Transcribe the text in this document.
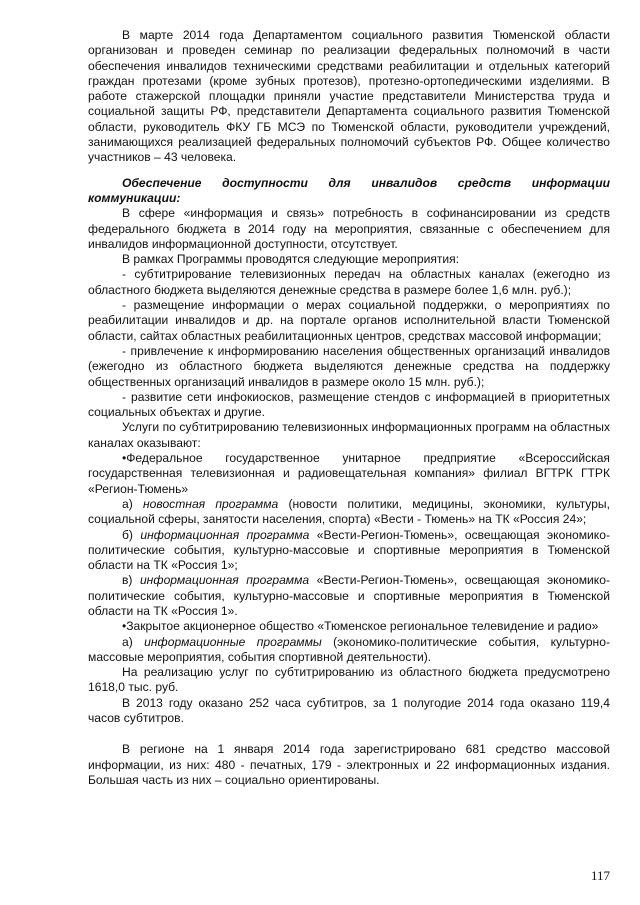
В марте 2014 года Департаментом социального развития Тюменской области организован и проведен семинар по реализации федеральных полномочий в части обеспечения инвалидов техническими средствами реабилитации и отдельных категорий граждан протезами (кроме зубных протезов), протезно-ортопедическими изделиями. В работе стажерской площадки приняли участие представители Министерства труда и социальной защиты РФ, представители Департамента социального развития Тюменской области, руководитель ФКУ ГБ МСЭ по Тюменской области, руководители учреждений, занимающихся реализацией федеральных полномочий субъектов РФ. Общее количество участников – 43 человека.

Обеспечение доступности для инвалидов средств информации коммуникации:

В сфере «информация и связь» потребность в софинансировании из средств федерального бюджета в 2014 году на мероприятия, связанные с обеспечением для инвалидов информационной доступности, отсутствует.

В рамках Программы проводятся следующие мероприятия:

- субтитрирование телевизионных передач на областных каналах (ежегодно из областного бюджета выделяются денежные средства в размере более 1,6 млн. руб.);

- размещение информации о мерах социальной поддержки, о мероприятиях по реабилитации инвалидов и др. на портале органов исполнительной власти Тюменской области, сайтах областных реабилитационных центров, средствах массовой информации;

- привлечение к информированию населения общественных организаций инвалидов (ежегодно из областного бюджета выделяются денежные средства на поддержку общественных организаций инвалидов в размере около 15 млн. руб.);

- развитие сети инфокиосков, размещение стендов с информацией в приоритетных социальных объектах и другие.

Услуги по субтитрированию телевизионных информационных программ на областных каналах оказывают:

•Федеральное государственное унитарное предприятие «Всероссийская государственная телевизионная и радиовещательная компания» филиал ВГТРК ГТРК «Регион-Тюмень»

а) новостная программа (новости политики, медицины, экономики, культуры, социальной сферы, занятости населения, спорта) «Вести - Тюмень» на ТК «Россия 24»;

б) информационная программа «Вести-Регион-Тюмень», освещающая экономико-политические события, культурно-массовые и спортивные мероприятия в Тюменской области на ТК «Россия 1»;

в) информационная программа «Вести-Регион-Тюмень», освещающая экономико-политические события, культурно-массовые и спортивные мероприятия в Тюменской области на ТК «Россия 1».

•Закрытое акционерное общество «Тюменское региональное телевидение и радио»

а) информационные программы (экономико-политические события, культурно-массовые мероприятия, события спортивной деятельности).

На реализацию услуг по субтитрированию из областного бюджета предусмотрено 1618,0 тыс. руб.

В 2013 году оказано 252 часа субтитров, за 1 полугодие 2014 года оказано 119,4 часов субтитров.

В регионе на 1 января 2014 года зарегистрировано 681 средство массовой информации, из них: 480 - печатных, 179 - электронных и 22 информационных издания. Большая часть из них – социально ориентированы.

117
